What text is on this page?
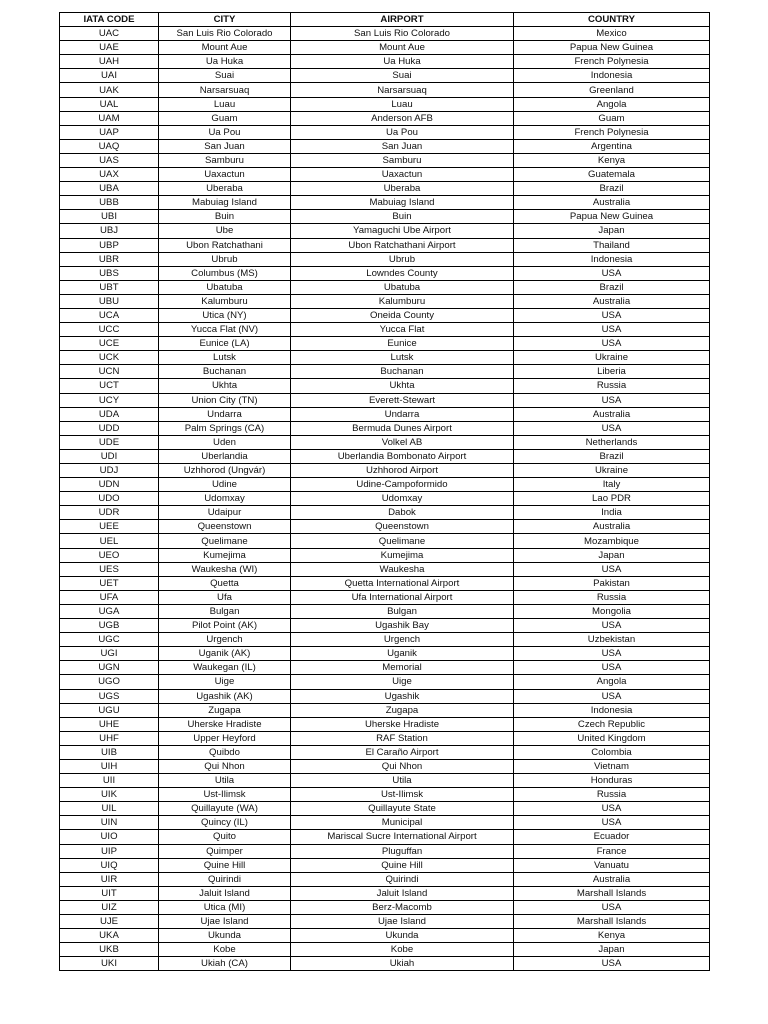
IATA CODE	CITY	AIRPORT	COUNTRY
UAC	San Luis Rio Colorado	San Luis Rio Colorado	Mexico
UAE	Mount Aue	Mount Aue	Papua New Guinea
UAH	Ua Huka	Ua Huka	French Polynesia
UAI	Suai	Suai	Indonesia
UAK	Narsarsuaq	Narsarsuaq	Greenland
UAL	Luau	Luau	Angola
UAM	Guam	Anderson AFB	Guam
UAP	Ua Pou	Ua Pou	French Polynesia
UAQ	San Juan	San Juan	Argentina
UAS	Samburu	Samburu	Kenya
UAX	Uaxactun	Uaxactun	Guatemala
UBA	Uberaba	Uberaba	Brazil
UBB	Mabuiag Island	Mabuiag Island	Australia
UBI	Buin	Buin	Papua New Guinea
UBJ	Ube	Yamaguchi Ube Airport	Japan
UBP	Ubon Ratchathani	Ubon Ratchathani Airport	Thailand
UBR	Ubrub	Ubrub	Indonesia
UBS	Columbus (MS)	Lowndes County	USA
UBT	Ubatuba	Ubatuba	Brazil
UBU	Kalumburu	Kalumburu	Australia
UCA	Utica (NY)	Oneida County	USA
UCC	Yucca Flat (NV)	Yucca Flat	USA
UCE	Eunice (LA)	Eunice	USA
UCK	Lutsk	Lutsk	Ukraine
UCN	Buchanan	Buchanan	Liberia
UCT	Ukhta	Ukhta	Russia
UCY	Union City (TN)	Everett-Stewart	USA
UDA	Undarra	Undarra	Australia
UDD	Palm Springs (CA)	Bermuda Dunes Airport	USA
UDE	Uden	Volkel AB	Netherlands
UDI	Uberlandia	Uberlandia Bombonato Airport	Brazil
UDJ	Uzhhorod (Ungvár)	Uzhhorod Airport	Ukraine
UDN	Udine	Udine-Campoformido	Italy
UDO	Udomxay	Udomxay	Lao PDR
UDR	Udaipur	Dabok	India
UEE	Queenstown	Queenstown	Australia
UEL	Quelimane	Quelimane	Mozambique
UEO	Kumejima	Kumejima	Japan
UES	Waukesha (WI)	Waukesha	USA
UET	Quetta	Quetta International Airport	Pakistan
UFA	Ufa	Ufa International Airport	Russia
UGA	Bulgan	Bulgan	Mongolia
UGB	Pilot Point (AK)	Ugashik Bay	USA
UGC	Urgench	Urgench	Uzbekistan
UGI	Uganik (AK)	Uganik	USA
UGN	Waukegan (IL)	Memorial	USA
UGO	Uige	Uige	Angola
UGS	Ugashik (AK)	Ugashik	USA
UGU	Zugapa	Zugapa	Indonesia
UHE	Uherske Hradiste	Uherske Hradiste	Czech Republic
UHF	Upper Heyford	RAF Station	United Kingdom
UIB	Quibdo	El Caraño Airport	Colombia
UIH	Qui Nhon	Qui Nhon	Vietnam
UII	Utila	Utila	Honduras
UIK	Ust-Ilimsk	Ust-Ilimsk	Russia
UIL	Quillayute (WA)	Quillayute State	USA
UIN	Quincy (IL)	Municipal	USA
UIO	Quito	Mariscal Sucre International Airport	Ecuador
UIP	Quimper	Pluguffan	France
UIQ	Quine Hill	Quine Hill	Vanuatu
UIR	Quirindi	Quirindi	Australia
UIT	Jaluit Island	Jaluit Island	Marshall Islands
UIZ	Utica (MI)	Berz-Macomb	USA
UJE	Ujae Island	Ujae Island	Marshall Islands
UKA	Ukunda	Ukunda	Kenya
UKB	Kobe	Kobe	Japan
UKI	Ukiah (CA)	Ukiah	USA
